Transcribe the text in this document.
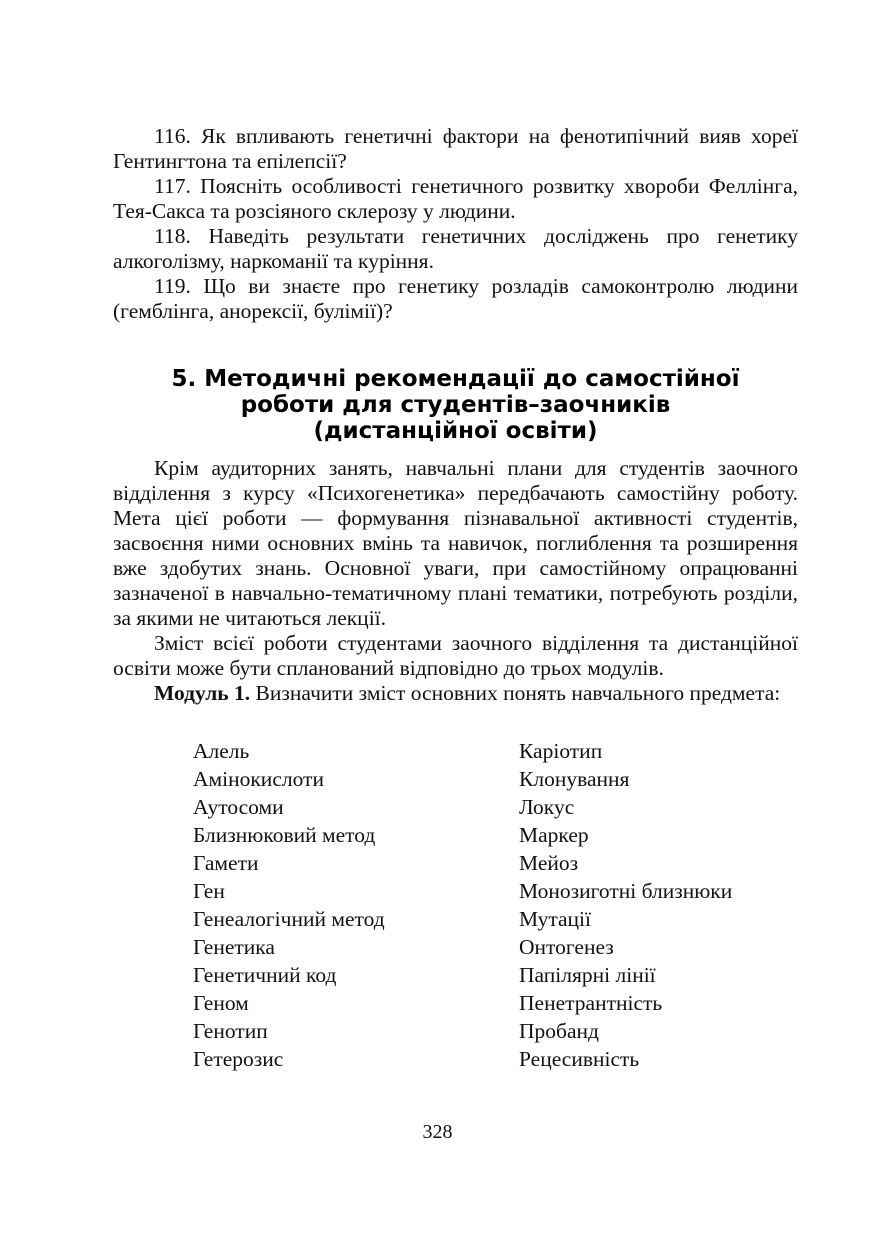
116. Як впливають генетичні фактори на фенотипічний вияв хореї Гентингтона та епілепсії?

117. Поясніть особливості генетичного розвитку хвороби Феллінга, Тея-Сакса та розсіяного склерозу у людини.

118. Наведіть результати генетичних досліджень про генетику алкоголізму, наркоманії та куріння.

119. Що ви знаєте про генетику розладів самоконтролю людини (гемблінга, анорексії, булімії)?

5. Методичні рекомендації до самостійної
роботи для студентів–заочників
(дистанційної освіти)

Крім аудиторних занять, навчальні плани для студентів заочного відділення з курсу «Психогенетика» передбачають самостійну роботу. Мета цієї роботи — формування пізнавальної активності студентів, засвоєння ними основних вмінь та навичок, поглиблення та розширення вже здобутих знань. Основної уваги, при самостійному опрацюванні зазначеної в навчально-тематичному плані тематики, потребують розділи, за якими не читаються лекції.

Зміст всієї роботи студентами заочного відділення та дистанційної освіти може бути спланований відповідно до трьох модулів.

Модуль 1. Визначити зміст основних понять навчального предмета:

Алель
Амінокислоти
Аутосоми
Близнюковий метод
Гамети
Ген
Генеалогічний метод
Генетика
Генетичний код
Геном
Генотип
Гетерозис
Каріотип
Клонування
Локус
Маркер
Мейоз
Монозиготні близнюки
Мутації
Онтогенез
Папілярні лінії
Пенетрантність
Пробанд
Рецесивність
328
